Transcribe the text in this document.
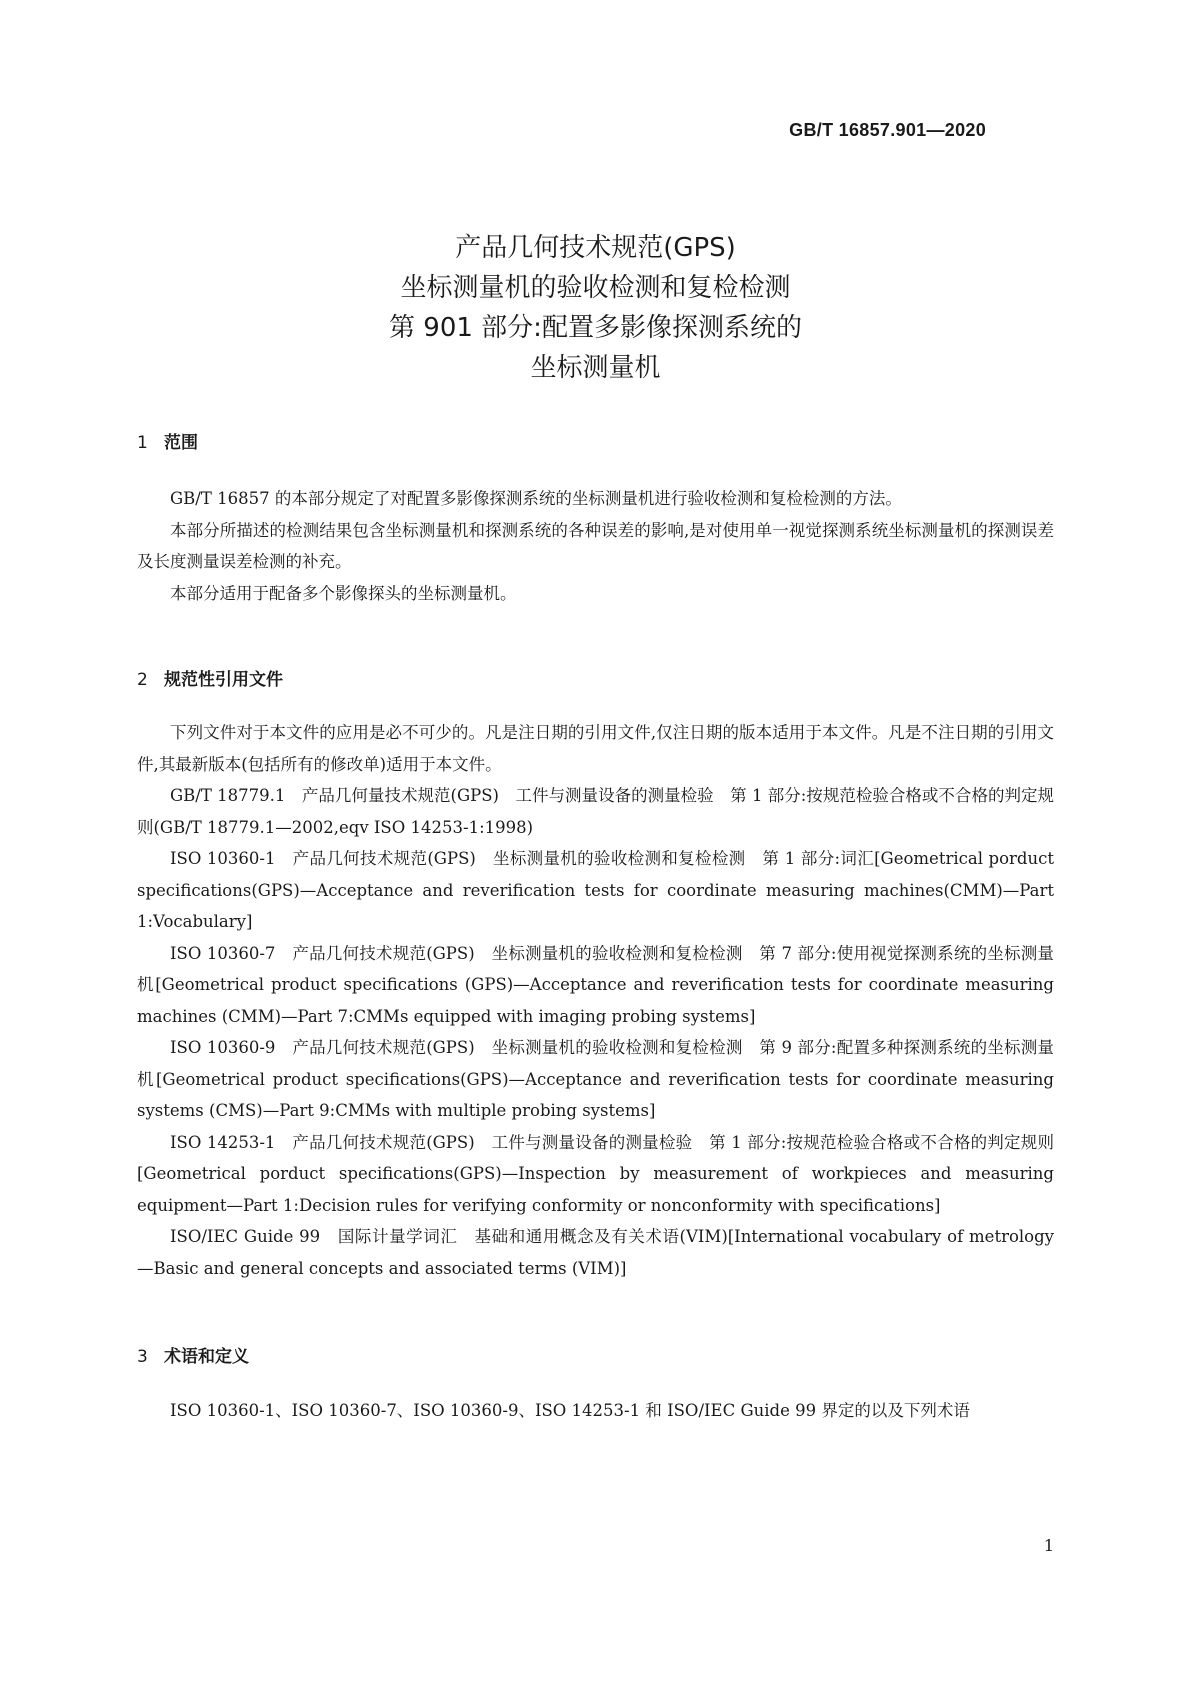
GB/T 16857.901—2020
产品几何技术规范(GPS)
坐标测量机的验收检测和复检检测
第 901 部分:配置多影像探测系统的
坐标测量机
1 范围

GB/T 16857 的本部分规定了对配置多影像探测系统的坐标测量机进行验收检测和复检检测的方法。

本部分所描述的检测结果包含坐标测量机和探测系统的各种误差的影响,是对使用单一视觉探测系统坐标测量机的探测误差及长度测量误差检测的补充。

本部分适用于配备多个影像探头的坐标测量机。

2 规范性引用文件

下列文件对于本文件的应用是必不可少的。凡是注日期的引用文件,仅注日期的版本适用于本文件。凡是不注日期的引用文件,其最新版本(包括所有的修改单)适用于本文件。

GB/T 18779.1　产品几何量技术规范(GPS)　工件与测量设备的测量检验　第 1 部分:按规范检验合格或不合格的判定规则(GB/T 18779.1—2002,eqv ISO 14253-1:1998)

ISO 10360-1　产品几何技术规范(GPS)　坐标测量机的验收检测和复检检测　第 1 部分:词汇[Geometrical porduct specifications(GPS)—Acceptance and reverification tests for coordinate measuring machines(CMM)—Part 1:Vocabulary]

ISO 10360-7　产品几何技术规范(GPS)　坐标测量机的验收检测和复检检测　第 7 部分:使用视觉探测系统的坐标测量机[Geometrical product specifications (GPS)—Acceptance and reverification tests for coordinate measuring machines (CMM)—Part 7:CMMs equipped with imaging probing systems]

ISO 10360-9　产品几何技术规范(GPS)　坐标测量机的验收检测和复检检测　第 9 部分:配置多种探测系统的坐标测量机[Geometrical product specifications(GPS)—Acceptance and reverification tests for coordinate measuring systems (CMS)—Part 9:CMMs with multiple probing systems]

ISO 14253-1　产品几何技术规范(GPS)　工件与测量设备的测量检验　第 1 部分:按规范检验合格或不合格的判定规则[Geometrical porduct specifications(GPS)—Inspection by measurement of workpieces and measuring equipment—Part 1:Decision rules for verifying conformity or nonconformity with specifications]

ISO/IEC Guide 99　国际计量学词汇　基础和通用概念及有关术语(VIM)[International vocabulary of metrology—Basic and general concepts and associated terms (VIM)]

3 术语和定义

ISO 10360-1、ISO 10360-7、ISO 10360-9、ISO 14253-1 和 ISO/IEC Guide 99 界定的以及下列术语

1
